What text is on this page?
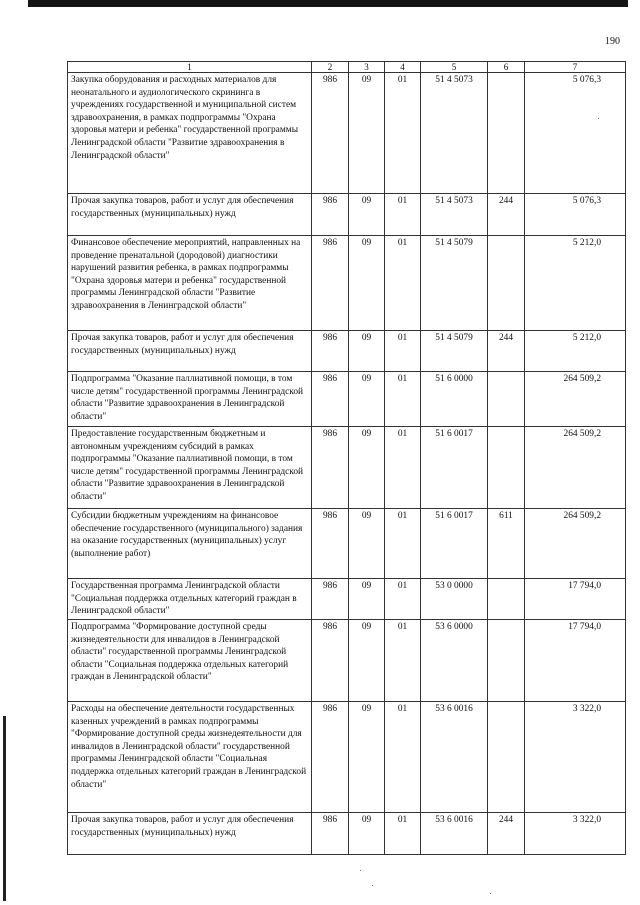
190
1	2	3	4	5	6	7
Закупка оборудования и расходных материалов для неонатального и аудиологического скрининга в учреждениях государственной и муниципальной систем здравоохранения, в рамках подпрограммы "Охрана здоровья матери и ребенка" государственной программы Ленинградской области "Развитие здравоохранения в Ленинградской области"	986	09	01	51 4 5073		5 076,3
Прочая закупка товаров, работ и услуг для обеспечения государственных (муниципальных) нужд	986	09	01	51 4 5073	244	5 076,3
Финансовое обеспечение мероприятий, направленных на проведение пренатальной (дородовой) диагностики нарушений развития ребенка, в рамках подпрограммы "Охрана здоровья матери и ребенка" государственной программы Ленинградской области "Развитие здравоохранения в Ленинградской области"	986	09	01	51 4 5079		5 212,0
Прочая закупка товаров, работ и услуг для обеспечения государственных (муниципальных) нужд	986	09	01	51 4 5079	244	5 212,0
Подпрограмма "Оказание паллиативной помощи, в том числе детям" государственной программы Ленинградской области "Развитие здравоохранения в Ленинградской области"	986	09	01	51 6 0000		264 509,2
Предоставление государственным бюджетным и автономным учреждениям субсидий в рамках подпрограммы "Оказание паллиативной помощи, в том числе детям" государственной программы Ленинградской области "Развитие здравоохранения в Ленинградской области"	986	09	01	51 6 0017		264 509,2
Субсидии бюджетным учреждениям на финансовое обеспечение государственного (муниципального) задания на оказание государственных (муниципальных) услуг (выполнение работ)	986	09	01	51 6 0017	611	264 509,2
Государственная программа Ленинградской области "Социальная поддержка отдельных категорий граждан в Ленинградской области"	986	09	01	53 0 0000		17 794,0
Подпрограмма "Формирование доступной среды жизнедеятельности для инвалидов в Ленинградской области" государственной программы Ленинградской области "Социальная поддержка отдельных категорий граждан в Ленинградской области"	986	09	01	53 6 0000		17 794,0
Расходы на обеспечение деятельности государственных казенных учреждений в рамках подпрограммы "Формирование доступной среды жизнедеятельности для инвалидов в Ленинградской области" государственной программы Ленинградской области "Социальная поддержка отдельных категорий граждан в Ленинградской области"	986	09	01	53 6 0016		3 322,0
Прочая закупка товаров, работ и услуг для обеспечения государственных (муниципальных) нужд	986	09	01	53 6 0016	244	3 322,0
